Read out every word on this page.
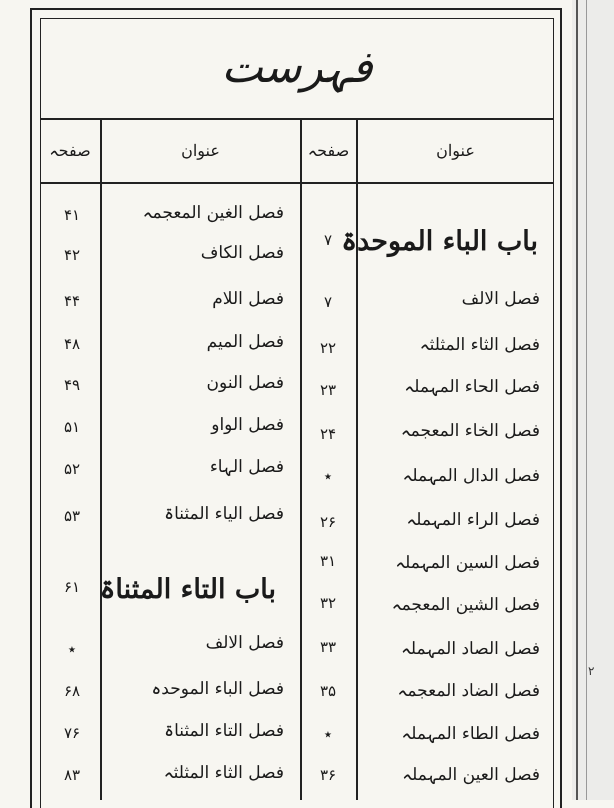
۲
فہرست
صفحہ	عنوان	صفحہ	عنوان
باب الباء الموحدۃ
۷
فصل الالف
۷
فصل الثاء المثلثہ
۲۲
فصل الحاء المہملہ
۲۳
فصل الخاء المعجمہ
۲۴
فصل الدال المہملہ
٭
فصل الراء المہملہ
۲۶
فصل السین المہملہ
۳۱
فصل الشین المعجمہ
۳۲
فصل الصاد المہملہ
۳۳
فصل الضاد المعجمہ
۳۵
فصل الطاء المہملہ
٭
فصل العین المہملہ
۳۶
فصل الغین المعجمہ
۴۱
فصل الکاف
۴۲
فصل اللام
۴۴
فصل المیم
۴۸
فصل النون
۴۹
فصل الواو
۵۱
فصل الہاء
۵۲
فصل الیاء المثناۃ
۵۳
باب التاء المثناۃ
۶۱
فصل الالف
٭
فصل الباء الموحدہ
۶۸
فصل التاء المثناۃ
۷۶
فصل الثاء المثلثہ
۸۳
